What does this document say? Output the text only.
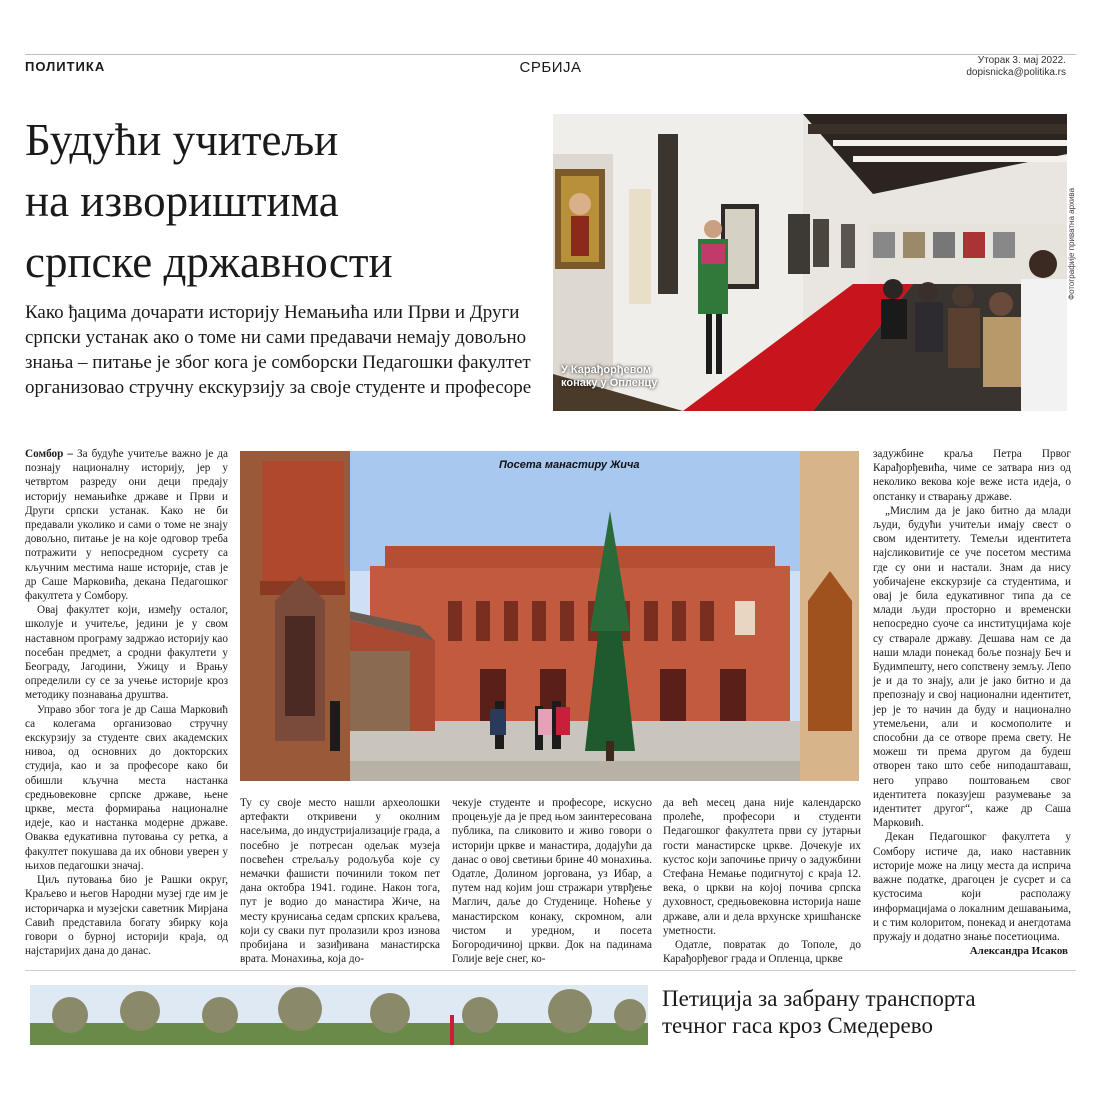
ПОЛИТИКА	СРБИЈА	Уторак 3. мај 2022.
dopisnicka@politika.rs
Будући учитељи
на извориштима
српске државности
Како ђацима дочарати историју Немањића или Први и Други српски устанак ако о томе ни сами предавачи немају довољно знања – питање је због кога је сомборски Педагошки факултет организовао стручну екскурзију за своје студенте и професоре
У Карађорђевом
конаку у Опленцу
Фотографије приватна архива
Посета манастиру Жича

Сомбор – За будуће учитеље важно је да познају националну историју, јер у четвртом разреду они деци предају историју немањићке државе и Први и Други српски устанак. Како не би предавали уколико и сами о томе не знају довољно, питање је на које одговор треба потражити у непосредном сусрету са кључним местима наше историје, став је др Саше Марковића, декана Педагошког факултета у Сомбору.

Овај факултет који, између осталог, школује и учитеље, једини је у свом наставном програму задржао историју као посебан предмет, а сродни факултети у Београду, Јагодини, Ужицу и Врању определили су се за учење историје кроз методику познавања друштва.

Управо због тога је др Саша Марковић са колегама организовао стручну екскурзију за студенте свих академских нивоа, од основних до докторских студија, као и за професоре како би обишли кључна места настанка средњовековне српске државе, њене цркве, места формирања националне идеје, као и настанка модерне државе. Оваква едукативна путовања су ретка, а факултет покушава да их обнови уверен у њихов педагошки значај.

Циљ путовања био је Рашки округ, Краљево и његов Народни музеј где им је историчарка и музејски саветник Мирјана Савић представила богату збирку која говори о бурној историји краја, од најстаријих дана до данас.

Ту су своје место нашли археолошки артефакти откривени у околним насељима, до индустријализације града, а посебно је потресан одељак музеја посвећен стрељаљу родољуба које су немачки фашисти починили током пет дана октобра 1941. године. Након тога, пут је водио до манастира Жиче, на месту крунисања седам српских краљева, који су сваки пут пролазили кроз изнова пробијана и зазиђивана манастирска врата. Монахиња, која до-

чекује студенте и професоре, искусно процењује да је пред њом заинтересована публика, па сликовито и живо говори о историји цркве и манастира, додајући да данас о овој светињи брине 40 монахиња. Одатле, Долином јоргована, уз Ибар, а путем над којим још стражари утврђење Маглич, даље до Студенице. Ноћење у манастирском конаку, скромном, али чистом и уредном, и посета Богородичиној цркви. Док на падинама Голије веје снег, ко-

да већ месец дана није календарско пролеће, професори и студенти Педагошког факултета први су јутарњи гости манастирске цркве. Дочекује их кустос који започиње причу о задужбини Стефана Немање подигнутој с краја 12. века, о цркви на којој почива српска духовност, средњовековна историја наше државе, али и дела врхунске хришћанске уметности.

Одатле, повратак до Тополе, до Карађорђевог града и Опленца, цркве

задужбине краља Петра Првог Карађорђевића, чиме се затвара низ од неколико векова које веже иста идеја, о опстанку и стварању државе.

„Мислим да је јако битно да млади људи, будући учитељи имају свест о свом идентитету. Темељи идентитета најсликовитије се уче посетом местима где су они и настали. Знам да нису уобичајене екскурзије са студентима, и овај је била едукативног типа да се млади људи просторно и временски непосредно суоче са институцијама које су стварале државу. Дешава нам се да наши млади понекад боље познају Беч и Будимпешту, него сопствену земљу. Лепо је и да то знају, али је јако битно и да препознају и свој национални идентитет, јер је то начин да буду и национално утемељени, али и космополите и способни да се отворе према свету. Не можеш ти према другом да будеш отворен тако што себе ниподаштаваш, него управо поштовањем свог идентитета показујеш разумевање за идентитет другог“, каже др Саша Марковић.

Декан Педагошког факултета у Сомбору истиче да, иако наставник историје може на лицу места да исприча важне податке, драгоцен је сусрет и са кустосима који располажу информацијама о локалним дешавањима, и с тим колоритом, понекад и анегдотама пружају и додатно знање посетиоцима.

Александра Исаков
Петиција за забрану транспорта
течног гаса кроз Смедерево
